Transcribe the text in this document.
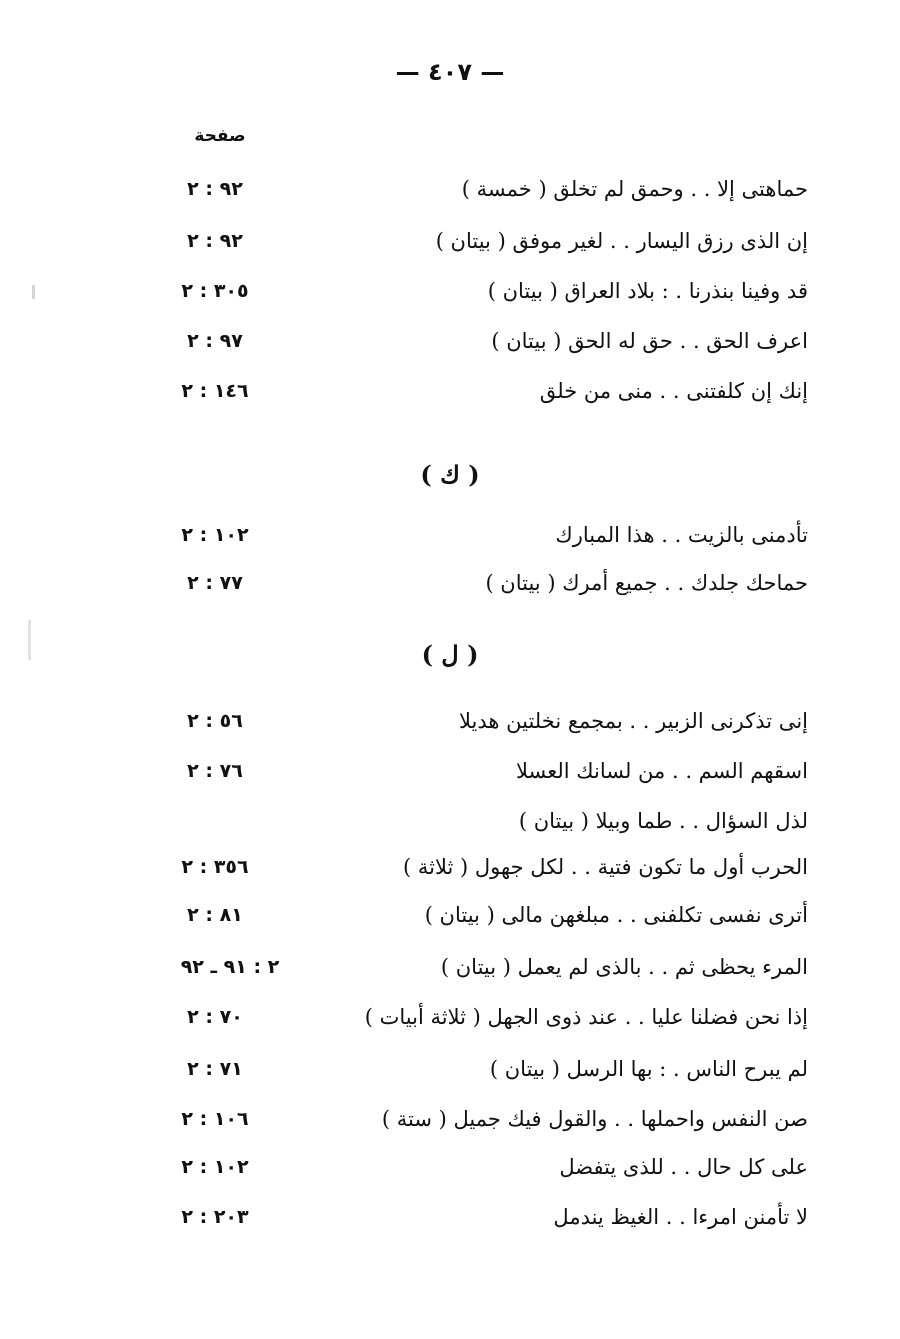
— ٤٠٧ —
صفحة
حماهتى إلا . . وحمق لم تخلق ( خمسة )
٩٢ : ٢
إن الذى رزق اليسار . . لغير موفق ( بيتان )
٩٢ : ٢
قد وفينا بنذرنا . : بلاد العراق ( بيتان )
٣٠٥ : ٢
اعرف الحق . . حق له الحق ( بيتان )
٩٧ : ٢
إنك إن كلفتنى . . منى من خلق
١٤٦ : ٢
( ك )
تأدمنى بالزيت . . هذا المبارك
١٠٢ : ٢
حماحك جلدك . . جميع أمرك ( بيتان )
٧٧ : ٢
( ل )
إنى تذكرنى الزبير . . بمجمع نخلتين هديلا
٥٦ : ٢
اسقهم السم . . من لسانك العسلا
٧٦ : ٢
لذل السؤال . . طما وبيلا ( بيتان )
الحرب أول ما تكون فتية . . لكل جهول ( ثلاثة )
٣٥٦ : ٢
أترى نفسى تكلفنى . . مبلغهن مالى ( بيتان )
٨١ : ٢
المرء يحظى ثم . . بالذى لم يعمل ( بيتان )
٢ : ٩١ ـ ٩٢
إذا نحن فضلنا عليا . . عند ذوى الجهل ( ثلاثة أبيات )
٧٠ : ٢
لم يبرح الناس . : بها الرسل ( بيتان )
٧١ : ٢
صن النفس واحملها . . والقول فيك جميل ( ستة )
١٠٦ : ٢
على كل حال . . للذى يتفضل
١٠٢ : ٢
لا تأمنن امرءا . . الغيظ يندمل
٢٠٣ : ٢
